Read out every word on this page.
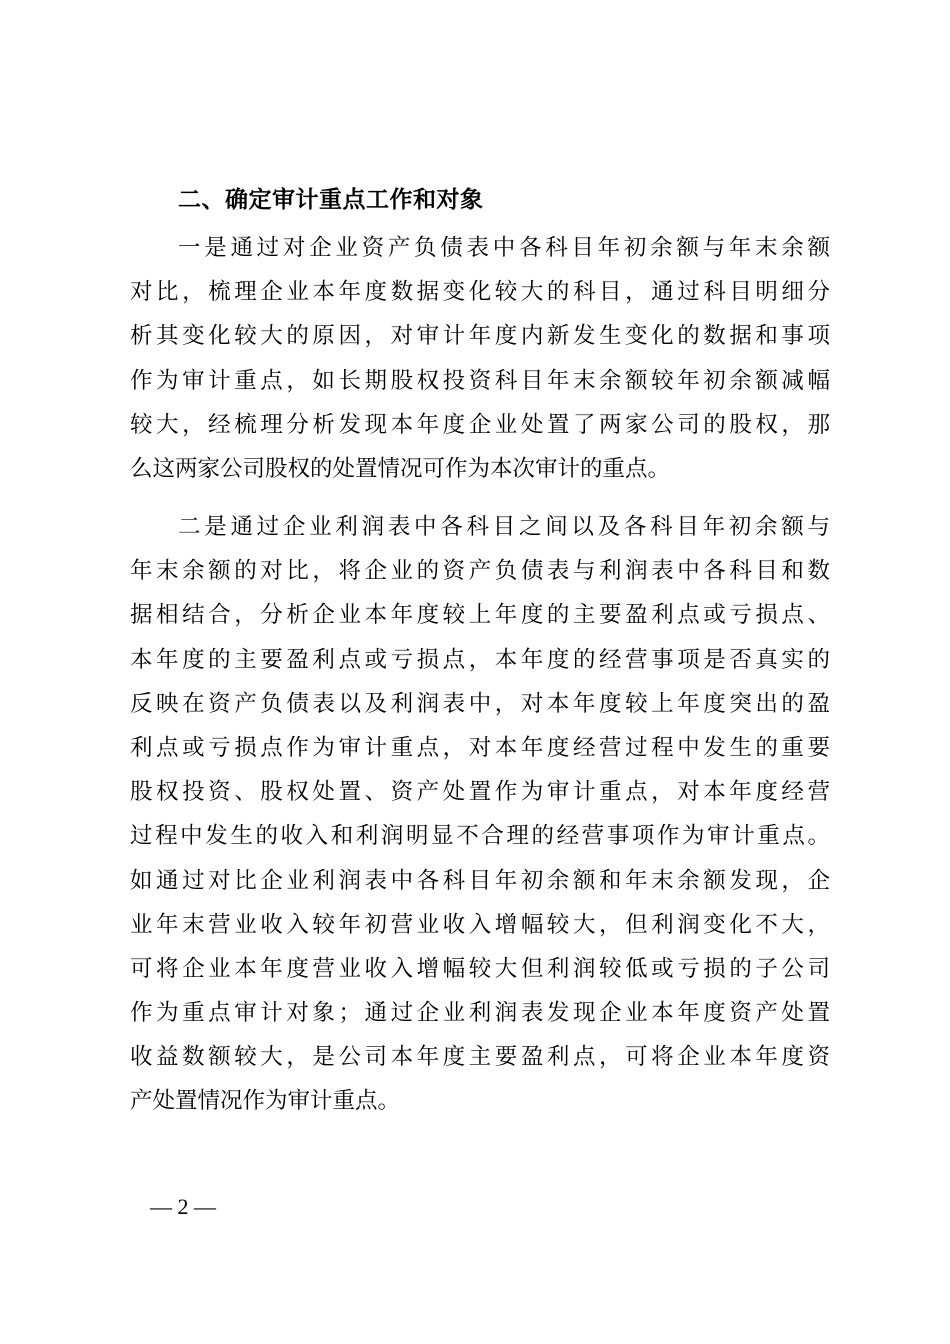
二、确定审计重点工作和对象
一是通过对企业资产负债表中各科目年初余额与年末余额
对比，梳理企业本年度数据变化较大的科目，通过科目明细分
析其变化较大的原因，对审计年度内新发生变化的数据和事项
作为审计重点，如长期股权投资科目年末余额较年初余额减幅
较大，经梳理分析发现本年度企业处置了两家公司的股权，那
么这两家公司股权的处置情况可作为本次审计的重点。
二是通过企业利润表中各科目之间以及各科目年初余额与
年末余额的对比，将企业的资产负债表与利润表中各科目和数
据相结合，分析企业本年度较上年度的主要盈利点或亏损点、
本年度的主要盈利点或亏损点，本年度的经营事项是否真实的
反映在资产负债表以及利润表中，对本年度较上年度突出的盈
利点或亏损点作为审计重点，对本年度经营过程中发生的重要
股权投资、股权处置、资产处置作为审计重点，对本年度经营
过程中发生的收入和利润明显不合理的经营事项作为审计重点。
如通过对比企业利润表中各科目年初余额和年末余额发现，企
业年末营业收入较年初营业收入增幅较大，但利润变化不大，
可将企业本年度营业收入增幅较大但利润较低或亏损的子公司
作为重点审计对象；通过企业利润表发现企业本年度资产处置
收益数额较大，是公司本年度主要盈利点，可将企业本年度资
产处置情况作为审计重点。
— 2 —
